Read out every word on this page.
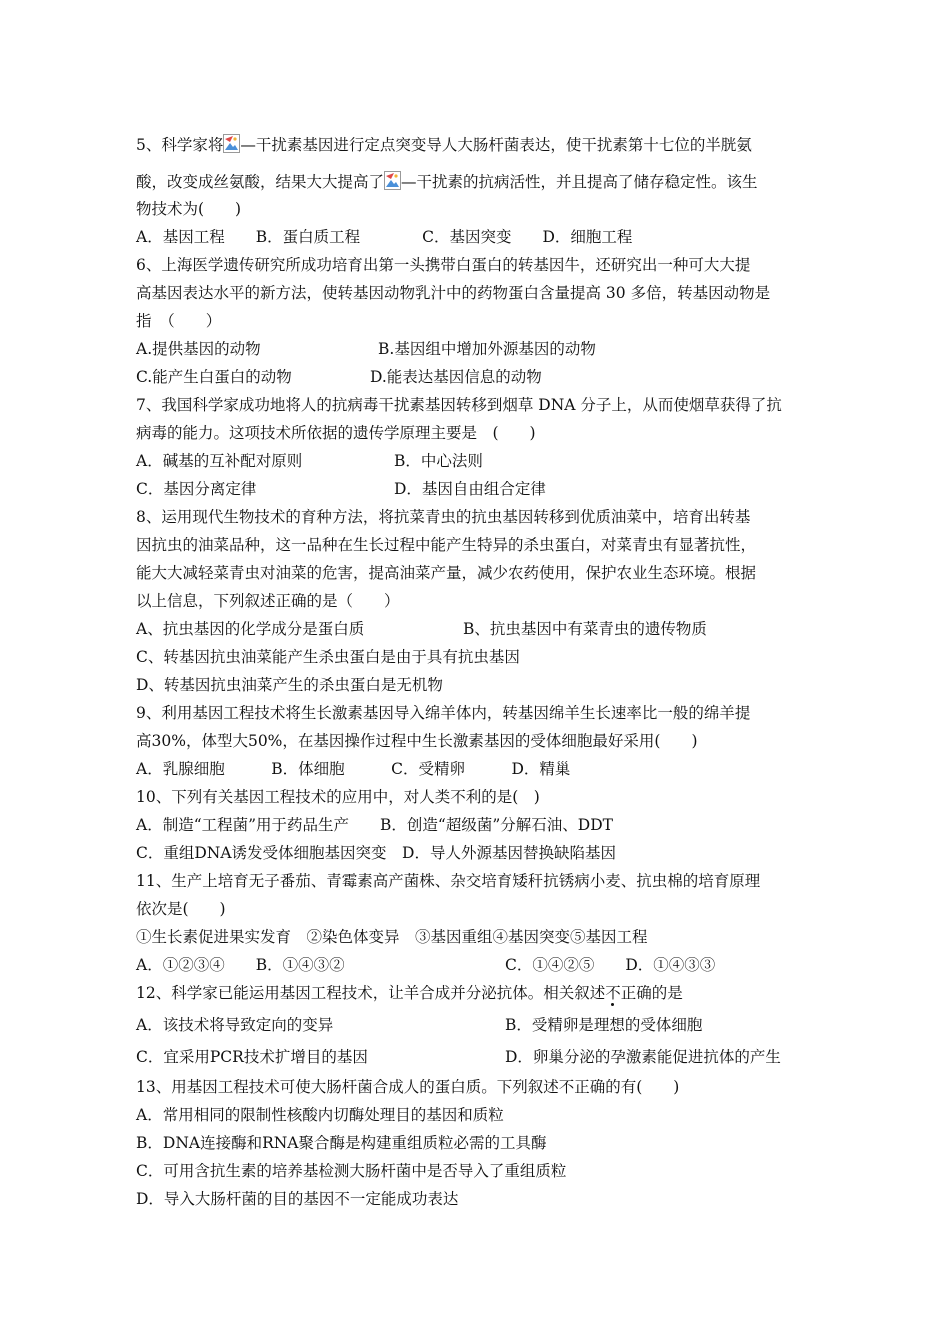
5、科学家将 —干扰素基因进行定点突变导人大肠杆菌表达，使干扰素第十七位的半胱氨
酸，改变成丝氨酸，结果大大提高了 —干扰素的抗病活性，并且提高了储存稳定性。该生
物技术为(　　)
A．基因工程　　B．蛋白质工程　　　　C．基因突变　　D．细胞工程
6、上海医学遗传研究所成功培育出第一头携带白蛋白的转基因牛，还研究出一种可大大提
高基因表达水平的新方法，使转基因动物乳汁中的药物蛋白含量提高 30 多倍，转基因动物是
指　（　　）
A.提供基因的动物	B.基因组中增加外源基因的动物
C.能产生白蛋白的动物	D.能表达基因信息的动物
7、我国科学家成功地将人的抗病毒干扰素基因转移到烟草 DNA 分子上，从而使烟草获得了抗
病毒的能力。这项技术所依据的遗传学原理主要是　(　　)
A．碱基的互补配对原则	B．中心法则
C．基因分离定律	D．基因自由组合定律
8、运用现代生物技术的育种方法，将抗菜青虫的抗虫基因转移到优质油菜中，培育出转基
因抗虫的油菜品种，这一品种在生长过程中能产生特异的杀虫蛋白，对菜青虫有显著抗性，
能大大减轻菜青虫对油菜的危害，提高油菜产量，减少农药使用，保护农业生态环境。根据
以上信息，下列叙述正确的是（　　）
A、抗虫基因的化学成分是蛋白质	B、抗虫基因中有菜青虫的遗传物质
C、转基因抗虫油菜能产生杀虫蛋白是由于具有抗虫基因
D、转基因抗虫油菜产生的杀虫蛋白是无机物
9、利用基因工程技术将生长激素基因导入绵羊体内，转基因绵羊生长速率比一般的绵羊提
高30%，体型大50%，在基因操作过程中生长激素基因的受体细胞最好采用(　　)
A．乳腺细胞　　　B．体细胞　　　C．受精卵　　　D．精巢
10、下列有关基因工程技术的应用中，对人类不利的是(　)
A．制造“工程菌”用于药品生产　　B．创造“超级菌”分解石油、DDT
C．重组DNA诱发受体细胞基因突变　D．导人外源基因替换缺陷基因
11、生产上培育无子番茄、青霉素高产菌株、杂交培育矮秆抗锈病小麦、抗虫棉的培育原理
依次是(　　)
①生长素促进果实发育　②染色体变异　③基因重组④基因突变⑤基因工程
A．①②③④　　B．①④③②	C．①④②⑤　　D．①④③③
12、科学家已能运用基因工程技术，让羊合成并分泌抗体。相关叙述不
正确的是
A．该技术将导致定向的变异	B．受精卵是理想的受体细胞
C．宜采用PCR技术扩增目的基因	D．卵巢分泌的孕激素能促进抗体的产生
13、用基因工程技术可使大肠杆菌合成人的蛋白质。下列叙述不正确的有(　　)
A．常用相同的限制性核酸内切酶处理目的基因和质粒
B．DNA连接酶和RNA聚合酶是构建重组质粒必需的工具酶
C．可用含抗生素的培养基检测大肠杆菌中是否导入了重组质粒
D．导入大肠杆菌的目的基因不一定能成功表达
